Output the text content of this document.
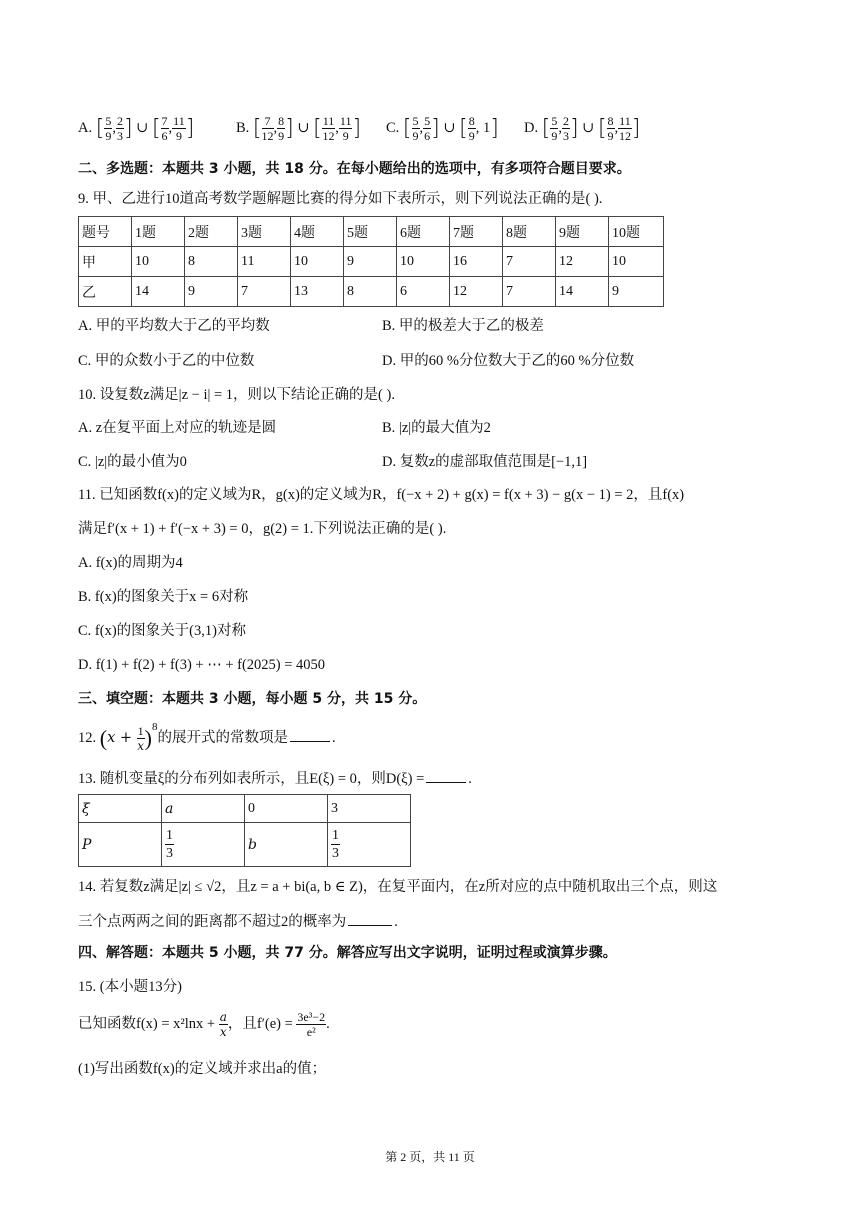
A. [ $\frac{5}{9}$ , $\frac{2}{3}$ ] ∪ [ $\frac{7}{6}$ , $\frac{11}{9}$ ]	B. [ $\frac{7}{12}$ , $\frac{8}{9}$ ] ∪ [ $\frac{11}{12}$ , $\frac{11}{9}$ ] C. [ $\frac{5}{9}$ , $\frac{5}{6}$ ] ∪ [ $\frac{8}{9}$ , 1] D. [ $\frac{5}{9}$ , $\frac{2}{3}$ ] ∪ [ $\frac{8}{9}$ , $\frac{11}{12}$ ]
二、多选题：本题共 3 小题，共 18 分。在每小题给出的选项中，有多项符合题目要求。
9. 甲、乙进行10道高考数学题解题比赛的得分如下表所示，则下列说法正确的是( ).
题号	1题	2题	3题	4题	5题	6题	7题	8题	9题	10题
甲	10	8	11	10	9	10	16	7	12	10
乙	14	9	7	13	8	6	12	7	14	9
A. 甲的平均数大于乙的平均数	B. 甲的极差大于乙的极差
C. 甲的众数小于乙的中位数	D. 甲的60 %分位数大于乙的60 %分位数
10. 设复数z满足|z − i| = 1，则以下结论正确的是( ).
A. z在复平面上对应的轨迹是圆	B. |z|的最大值为2
C. |z|的最小值为0	D. 复数z的虚部取值范围是[−1,1]
11. 已知函数f(x)的定义域为R，g(x)的定义域为R，f(−x + 2) + g(x) = f(x + 3) − g(x − 1) = 2，且f(x)
满足f′(x + 1) + f′(−x + 3) = 0，g(2) = 1.下列说法正确的是( ).
A. f(x)的周期为4
B. f(x)的图象关于x = 6对称
C. f(x)的图象关于(3,1)对称
D. f(1) + f(2) + f(3) + ⋯ + f(2025) = 4050
三、填空题：本题共 3 小题，每小题 5 分，共 15 分。
12. $(x + \frac{1}{x} )^8$的展开式的常数项是	.
13. 随机变量ξ的分布列如表所示，且E(ξ) = 0，则D(ξ) =	.
ξ	a	0	3
P	$\frac{1}{3}$	b	$\frac{1}{3}$
14. 若复数z满足|z| ≤ √2，且z = a + bi(a, b ∈ Z)，在复平面内，在z所对应的点中随机取出三个点，则这
三个点两两之间的距离都不超过2的概率为	.
四、解答题：本题共 5 小题，共 77 分。解答应写出文字说明，证明过程或演算步骤。
15. (本小题13分)
已知函数$f(x) = x^2\ln x + \frac{a}{x}$ ，且$f'(e) = \frac{\text{3e³−2}}{\text{e²}}$ .
(1)写出函数f(x)的定义域并求出a的值；
第 2 页，共 11 页
